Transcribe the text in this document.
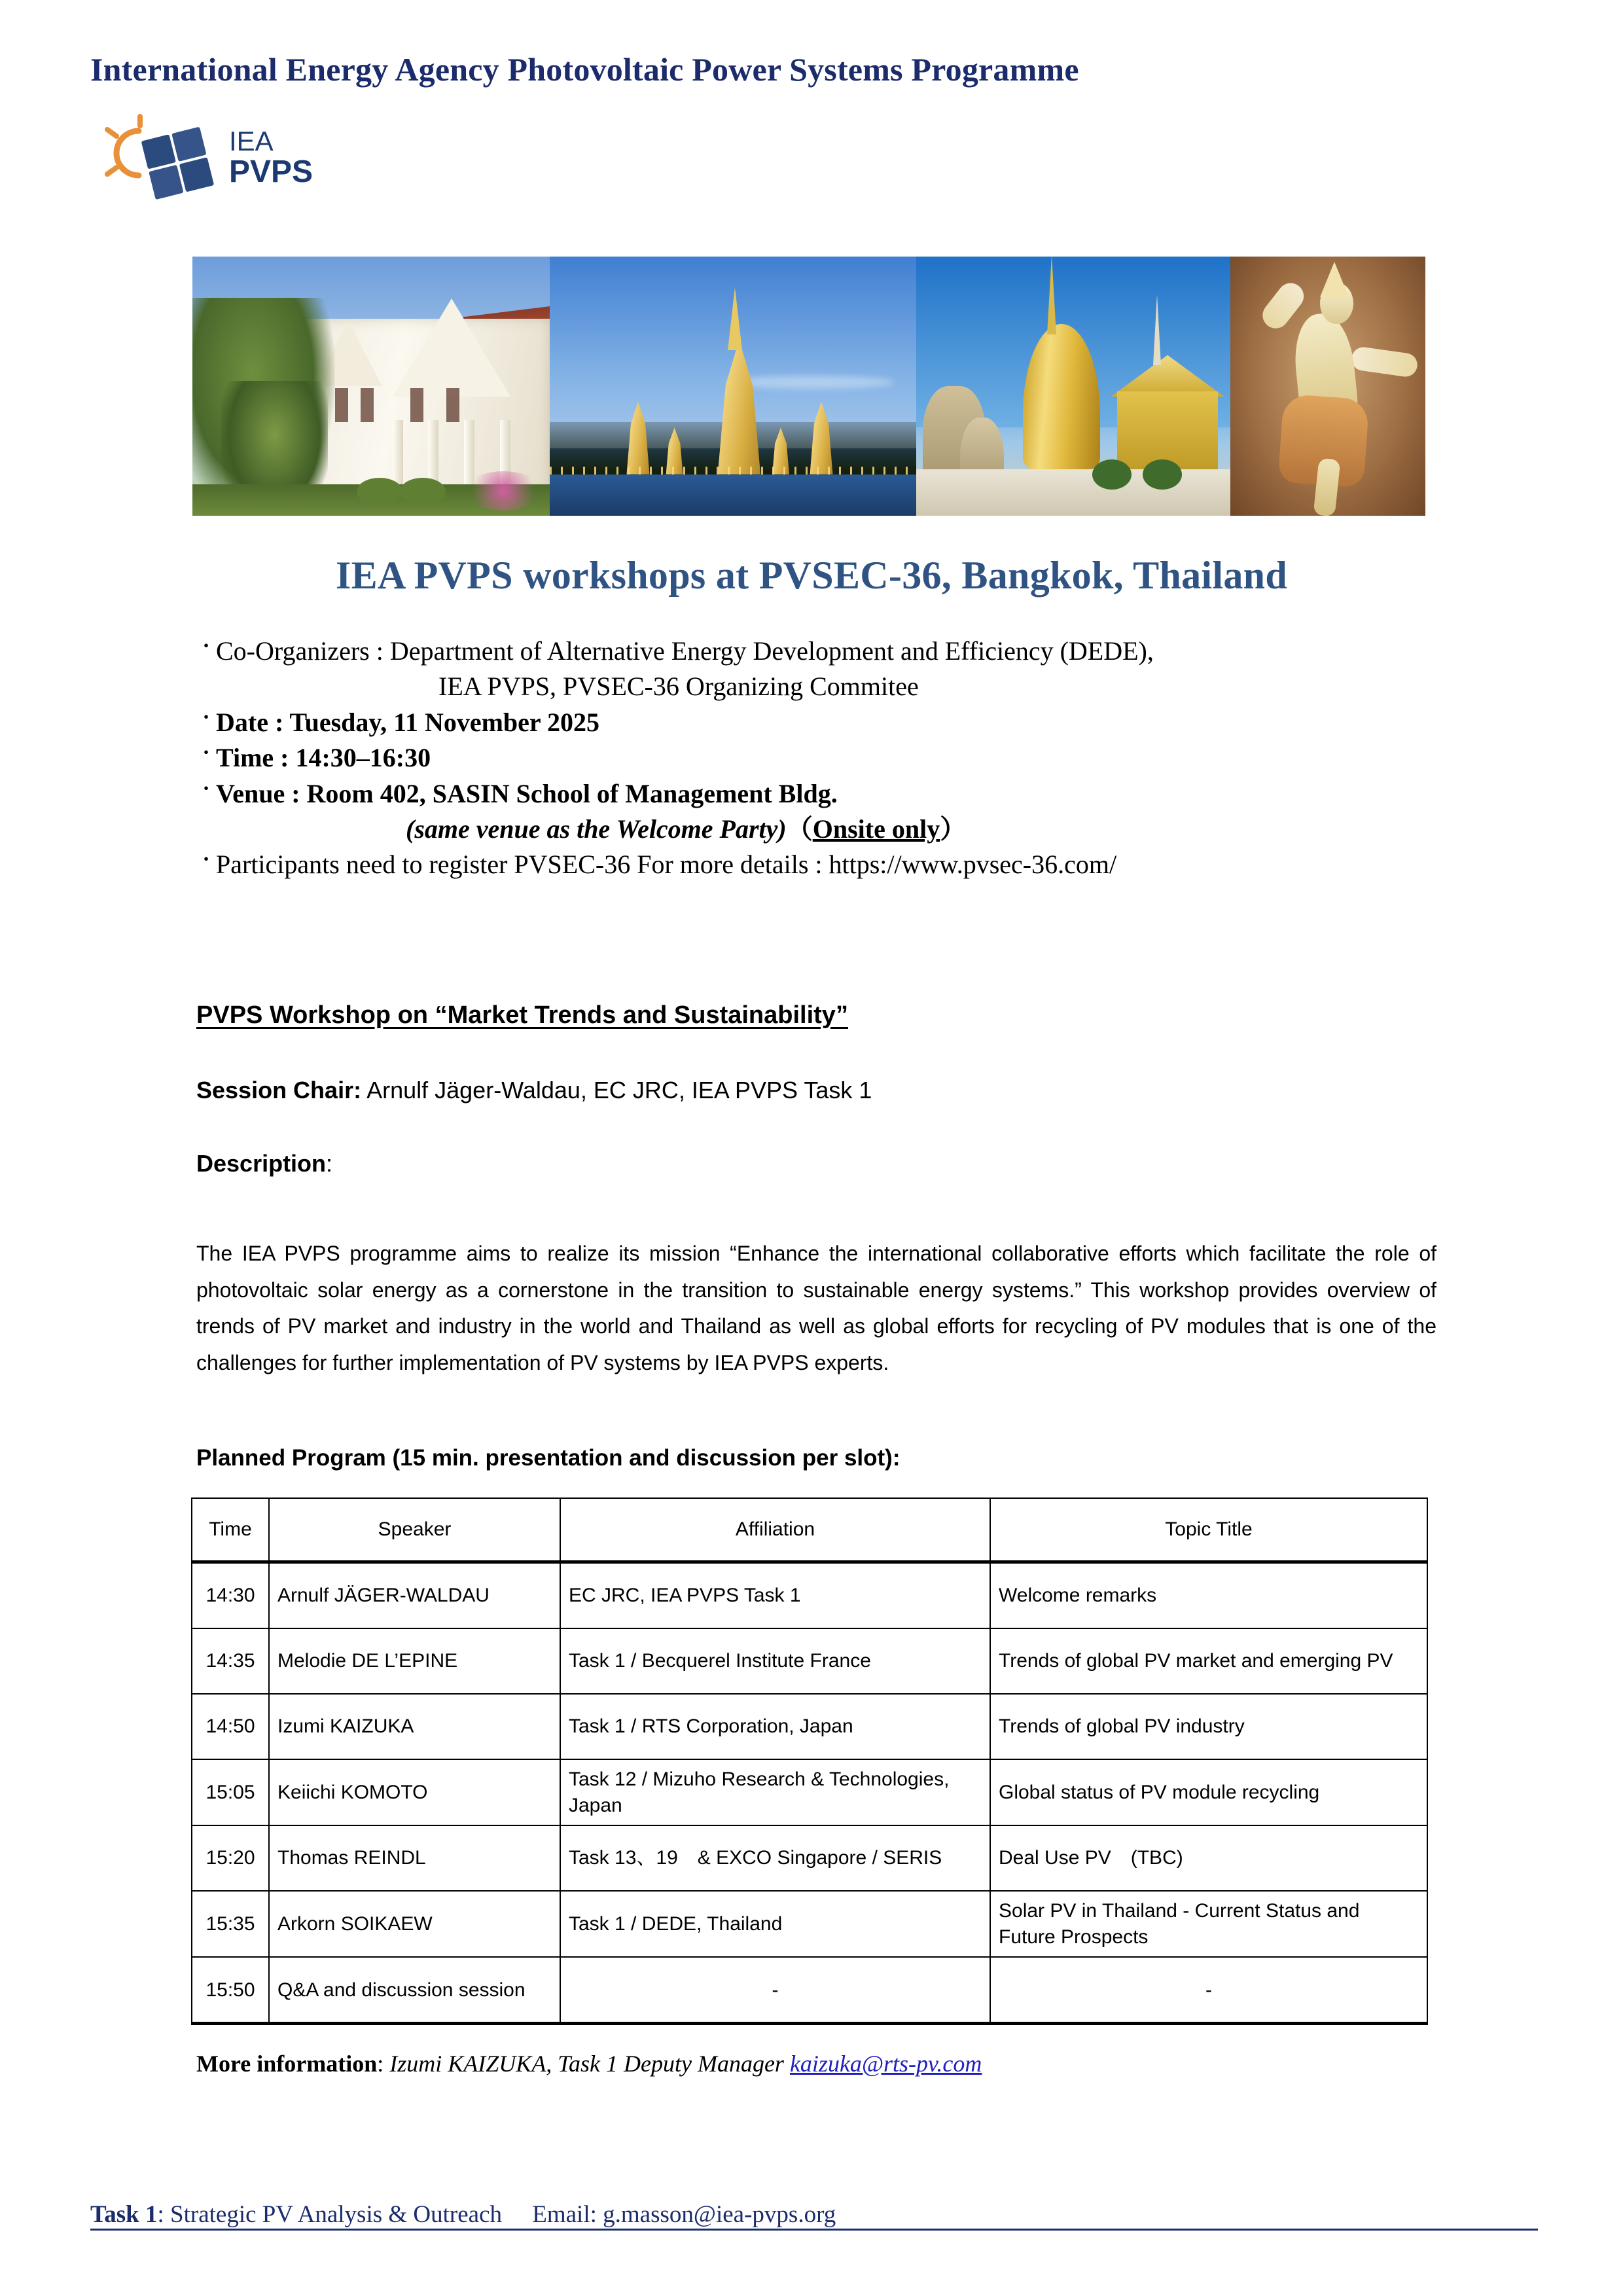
International Energy Agency Photovoltaic Power Systems Programme
IEA
PVPS
IEA PVPS workshops at PVSEC-36, Bangkok, Thailand
・ Co-Organizers : Department of Alternative Energy Development and Efficiency (DEDE),
IEA PVPS, PVSEC-36 Organizing Commitee
・ Date : Tuesday, 11 November 2025
・ Time : 14:30–16:30
・ Venue : Room 402, SASIN School of Management Bldg.
(same venue as the Welcome Party)（Onsite only）
・ Participants need to register PVSEC-36 For more details : https://www.pvsec-36.com/
PVPS Workshop on “Market Trends and Sustainability”
Session Chair: Arnulf Jäger-Waldau, EC JRC, IEA PVPS Task 1
Description:
The IEA PVPS programme aims to realize its mission “Enhance the international collaborative efforts which facilitate the role of photovoltaic solar energy as a cornerstone in the transition to sustainable energy systems.” This workshop provides overview of trends of PV market and industry in the world and Thailand as well as global efforts for recycling of PV modules that is one of the challenges for further implementation of PV systems by IEA PVPS experts.
Planned Program (15 min. presentation and discussion per slot):
Time	Speaker	Affiliation	Topic Title
14:30	Arnulf JÄGER-WALDAU	EC JRC, IEA PVPS Task 1	Welcome remarks
14:35	Melodie DE L’EPINE	Task 1 / Becquerel Institute France	Trends of global PV market and emerging PV
14:50	Izumi KAIZUKA	Task 1 / RTS Corporation, Japan	Trends of global PV industry
15:05	Keiichi KOMOTO	Task 12 / Mizuho Research & Technologies, Japan	Global status of PV module recycling
15:20	Thomas REINDL	Task 13、19　& EXCO Singapore / SERIS	Deal Use PV　(TBC)
15:35	Arkorn SOIKAEW	Task 1 / DEDE, Thailand	Solar PV in Thailand - Current Status and Future Prospects
15:50	Q&A and discussion session	-	-
More information: Izumi KAIZUKA, Task 1 Deputy Manager kaizuka@rts-pv.com
Task 1: Strategic PV Analysis & Outreach　 Email: g.masson@iea-pvps.org
